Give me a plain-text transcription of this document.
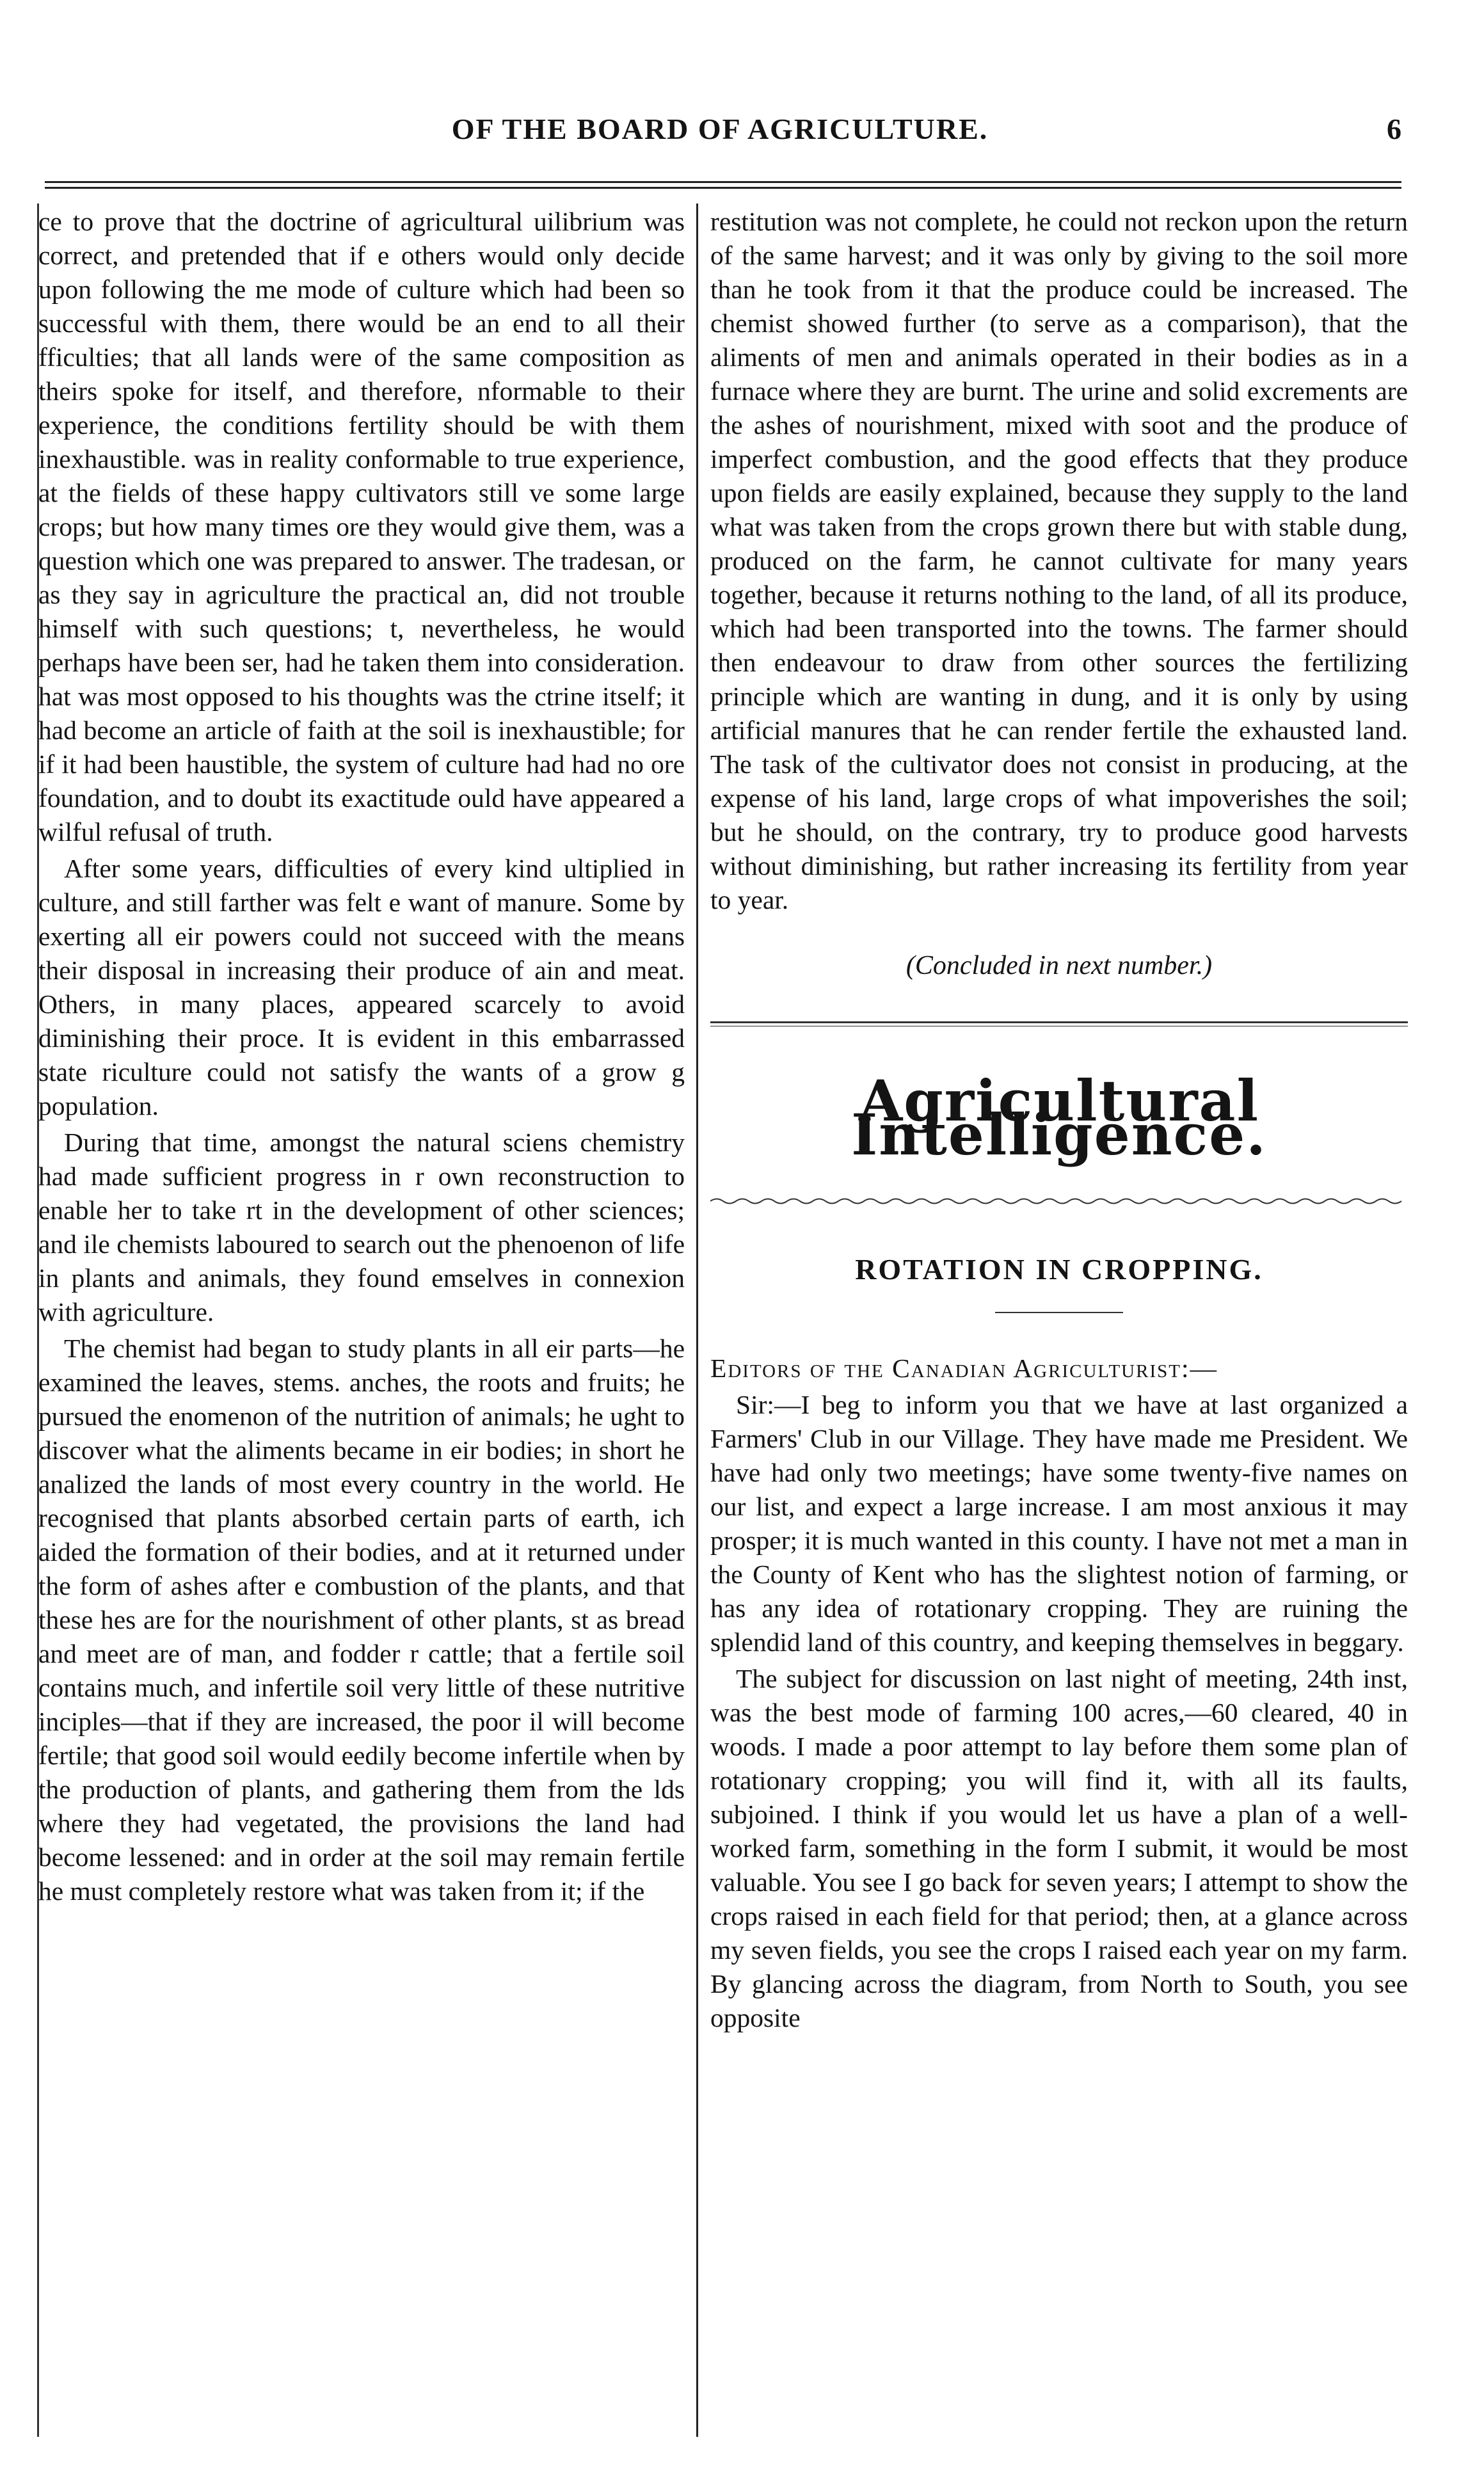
OF THE BOARD OF AGRICULTURE.	6

ce to prove that the doctrine of agricultural uilibrium was correct, and pretended that if e others would only decide upon following the me mode of culture which had been so successful with them, there would be an end to all their fficulties; that all lands were of the same composition as theirs spoke for itself, and therefore, nformable to their experience, the conditions fertility should be with them inexhaustible. was in reality conformable to true experience, at the fields of these happy cultivators still ve some large crops; but how many times ore they would give them, was a question which one was prepared to answer. The tradesan, or as they say in agriculture the practical an, did not trouble himself with such questions; t, nevertheless, he would perhaps have been ser, had he taken them into consideration. hat was most opposed to his thoughts was the ctrine itself; it had become an article of faith at the soil is inexhaustible; for if it had been haustible, the system of culture had had no ore foundation, and to doubt its exactitude ould have appeared a wilful refusal of truth.

After some years, difficulties of every kind ultiplied in culture, and still farther was felt e want of manure. Some by exerting all eir powers could not succeed with the means their disposal in increasing their produce of ain and meat. Others, in many places, appeared scarcely to avoid diminishing their proce. It is evident in this embarrassed state riculture could not satisfy the wants of a grow g population.

During that time, amongst the natural sciens chemistry had made sufficient progress in r own reconstruction to enable her to take rt in the development of other sciences; and ile chemists laboured to search out the phenoenon of life in plants and animals, they found emselves in connexion with agriculture.

The chemist had began to study plants in all eir parts—he examined the leaves, stems. anches, the roots and fruits; he pursued the enomenon of the nutrition of animals; he ught to discover what the aliments became in eir bodies; in short he analized the lands of most every country in the world. He recognised that plants absorbed certain parts of earth, ich aided the formation of their bodies, and at it returned under the form of ashes after e combustion of the plants, and that these hes are for the nourishment of other plants, st as bread and meet are of man, and fodder r cattle; that a fertile soil contains much, and infertile soil very little of these nutritive inciples—that if they are increased, the poor il will become fertile; that good soil would eedily become infertile when by the production of plants, and gathering them from the lds where they had vegetated, the provisions the land had become lessened: and in order at the soil may remain fertile he must completely restore what was taken from it; if the

restitution was not complete, he could not reckon upon the return of the same harvest; and it was only by giving to the soil more than he took from it that the produce could be increased. The chemist showed further (to serve as a comparison), that the aliments of men and animals operated in their bodies as in a furnace where they are burnt. The urine and solid excrements are the ashes of nourishment, mixed with soot and the produce of imperfect combustion, and the good effects that they produce upon fields are easily explained, because they supply to the land what was taken from the crops grown there but with stable dung, produced on the farm, he cannot cultivate for many years together, because it returns nothing to the land, of all its produce, which had been transported into the towns. The farmer should then endeavour to draw from other sources the fertilizing principle which are wanting in dung, and it is only by using artificial manures that he can render fertile the exhausted land. The task of the cultivator does not consist in producing, at the expense of his land, large crops of what impoverishes the soil; but he should, on the contrary, try to produce good harvests without diminishing, but rather increasing its fertility from year to year.

(Concluded in next number.)
Agricultural Intelligence.
ROTATION IN CROPPING.

Editors of the Canadian Agriculturist:—

Sir:—I beg to inform you that we have at last organized a Farmers' Club in our Village. They have made me President. We have had only two meetings; have some twenty-five names on our list, and expect a large increase. I am most anxious it may prosper; it is much wanted in this county. I have not met a man in the County of Kent who has the slightest notion of farming, or has any idea of rotationary cropping. They are ruining the splendid land of this country, and keeping themselves in beggary.

The subject for discussion on last night of meeting, 24th inst, was the best mode of farming 100 acres,—60 cleared, 40 in woods. I made a poor attempt to lay before them some plan of rotationary cropping; you will find it, with all its faults, subjoined. I think if you would let us have a plan of a well-worked farm, something in the form I submit, it would be most valuable. You see I go back for seven years; I attempt to show the crops raised in each field for that period; then, at a glance across my seven fields, you see the crops I raised each year on my farm. By glancing across the diagram, from North to South, you see opposite
